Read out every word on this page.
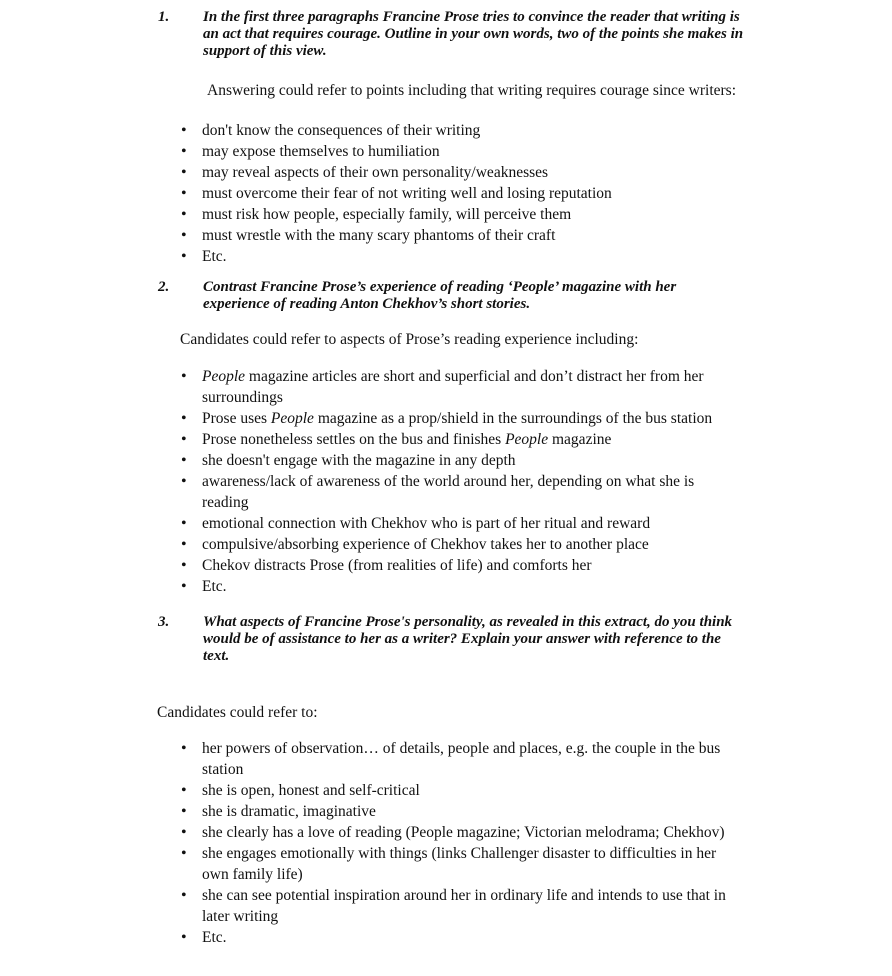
1. In the first three paragraphs Francine Prose tries to convince the reader that writing is an act that requires courage. Outline in your own words, two of the points she makes in support of this view.
Answering could refer to points including that writing requires courage since writers:
• don't know the consequences of their writing
• may expose themselves to humiliation
• may reveal aspects of their own personality/weaknesses
• must overcome their fear of not writing well and losing reputation
• must risk how people, especially family, will perceive them
• must wrestle with the many scary phantoms of their craft
• Etc.
2. Contrast Francine Prose’s experience of reading ‘People’ magazine with her experience of reading Anton Chekhov’s short stories.
Candidates could refer to aspects of Prose’s reading experience including:
• People magazine articles are short and superficial and don’t distract her from her surroundings
• Prose uses People magazine as a prop/shield in the surroundings of the bus station
• Prose nonetheless settles on the bus and finishes People magazine
• she doesn't engage with the magazine in any depth
• awareness/lack of awareness of the world around her, depending on what she is reading
• emotional connection with Chekhov who is part of her ritual and reward
• compulsive/absorbing experience of Chekhov takes her to another place
• Chekov distracts Prose (from realities of life) and comforts her
• Etc.
3. What aspects of Francine Prose's personality, as revealed in this extract, do you think would be of assistance to her as a writer? Explain your answer with reference to the text.
Candidates could refer to:
• her powers of observation… of details, people and places, e.g. the couple in the bus station
• she is open, honest and self-critical
• she is dramatic, imaginative
• she clearly has a love of reading (People magazine; Victorian melodrama; Chekhov)
• she engages emotionally with things (links Challenger disaster to difficulties in her own family life)
• she can see potential inspiration around her in ordinary life and intends to use that in later writing
• Etc.
